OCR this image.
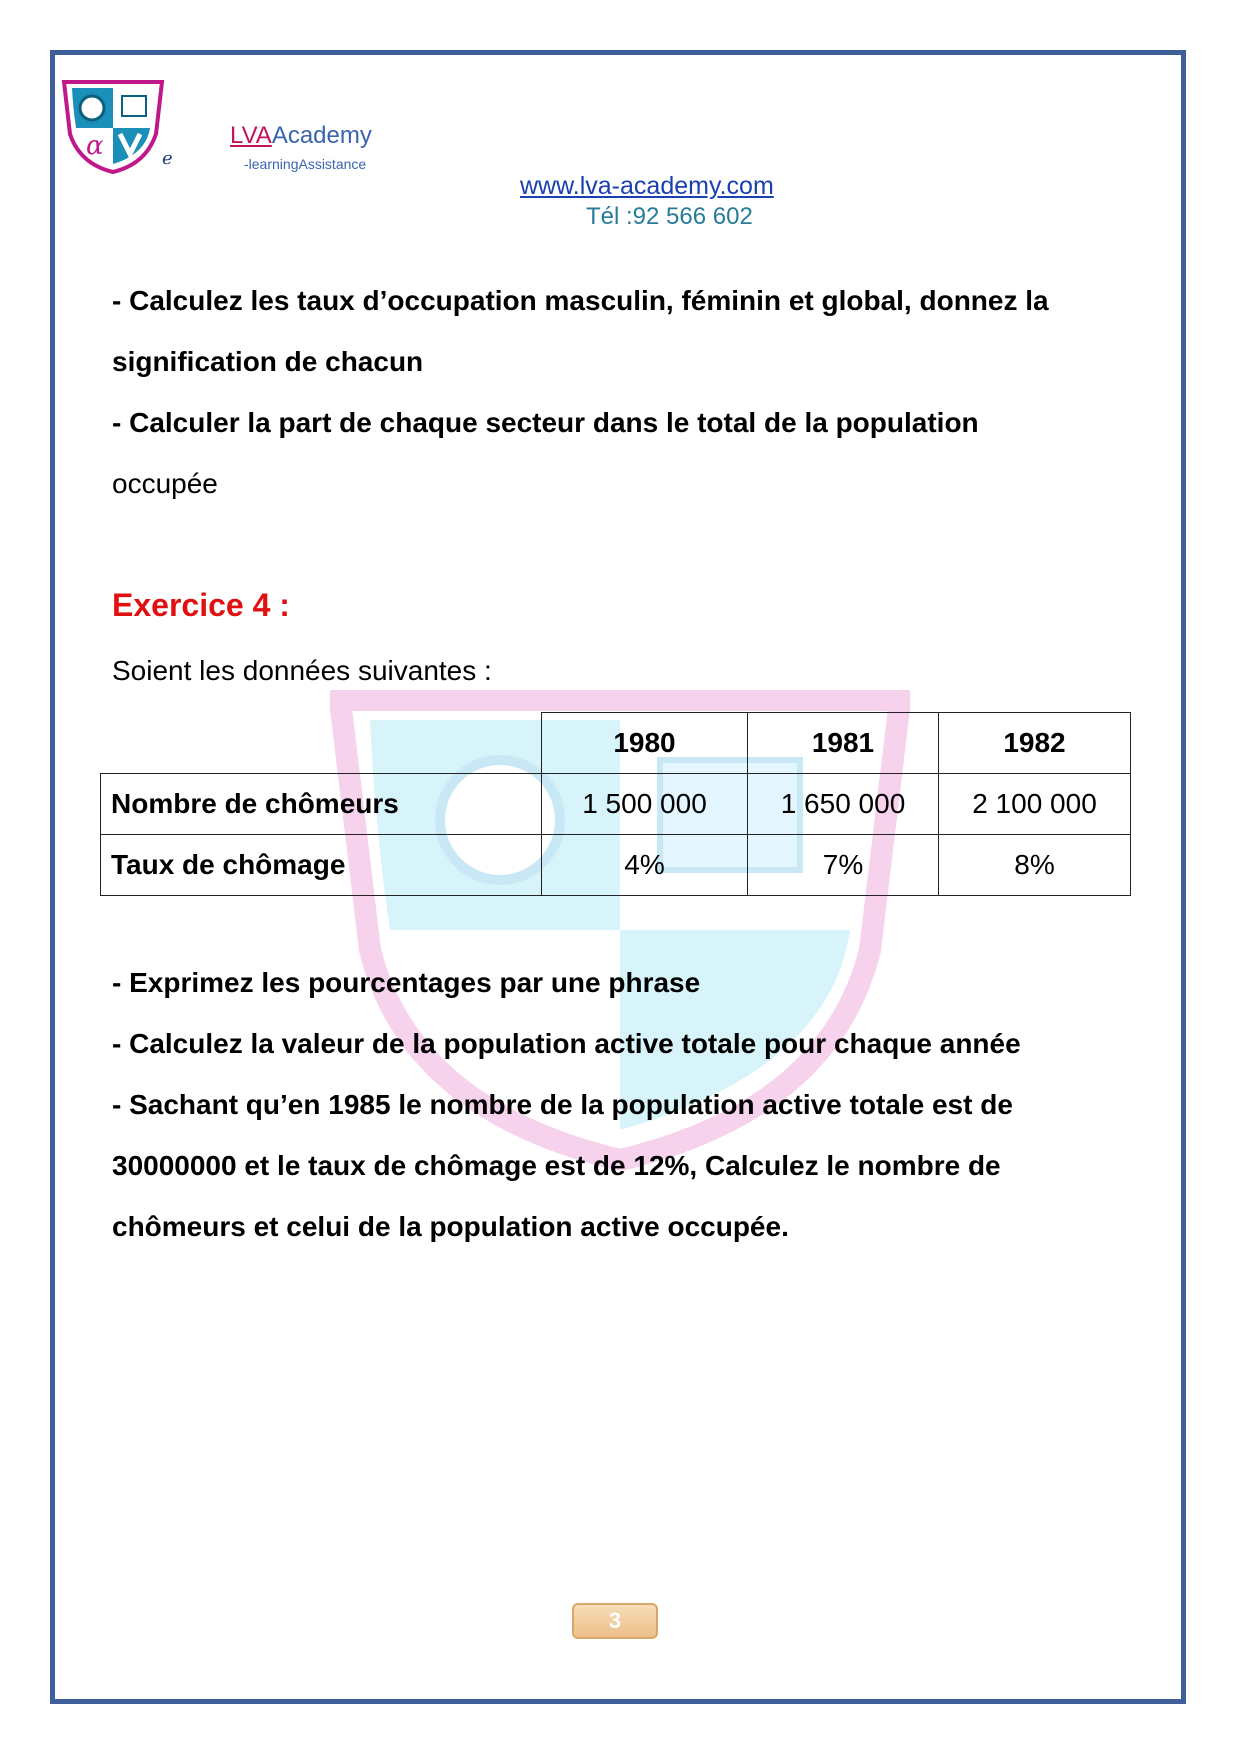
α	e
LVAAcademy
-learningAssistance
www.lva-academy.com
Tél :92 566 602

- Calculez les taux d’occupation masculin, féminin et global, donnez la

signification de chacun

- Calculer la part de chaque secteur dans le total de la population

occupée

Exercice 4 :
Soient les données suivantes :
	1980	1981	1982
Nombre de chômeurs	1 500 000	1 650 000	2 100 000
Taux de chômage	4%	7%	8%

- Exprimez les pourcentages par une phrase

- Calculez la valeur de la population active totale pour chaque année

- Sachant qu’en 1985 le nombre de la population active totale est de

30000000 et le taux de chômage est de 12%, Calculez le nombre de

chômeurs et celui de la population active occupée.

3
